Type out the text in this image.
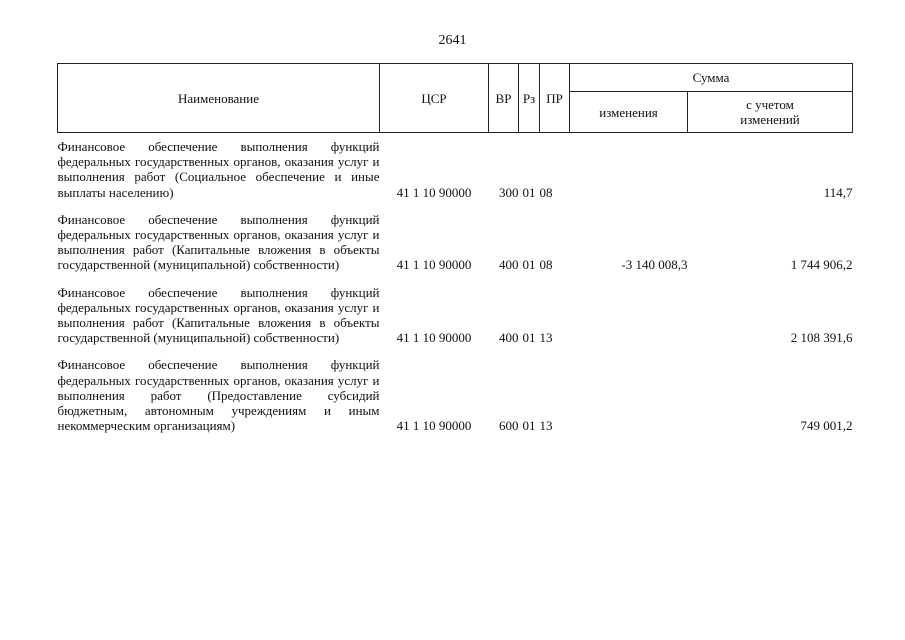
2641
Наименование	ЦСР	ВР	Рз	ПР	Сумма	
					изменения	с учетом
изменений
Финансовое обеспечение выполнения функций федеральных государственных органов, оказания услуг и выполнения работ (Социальное обеспечение и иные выплаты населению)	41 1 10 90000	300	01	08		114,7
Финансовое обеспечение выполнения функций федеральных государственных органов, оказания услуг и выполнения работ (Капитальные вложения в объекты государственной (муниципальной) собственности)	41 1 10 90000	400	01	08	-3 140 008,3	1 744 906,2
Финансовое обеспечение выполнения функций федеральных государственных органов, оказания услуг и выполнения работ (Капитальные вложения в объекты государственной (муниципальной) собственности)	41 1 10 90000	400	01	13		2 108 391,6
Финансовое обеспечение выполнения функций федеральных государственных органов, оказания услуг и выполнения работ (Предоставление субсидий бюджетным, автономным учреждениям и иным некоммерческим организациям)	41 1 10 90000	600	01	13		749 001,2
